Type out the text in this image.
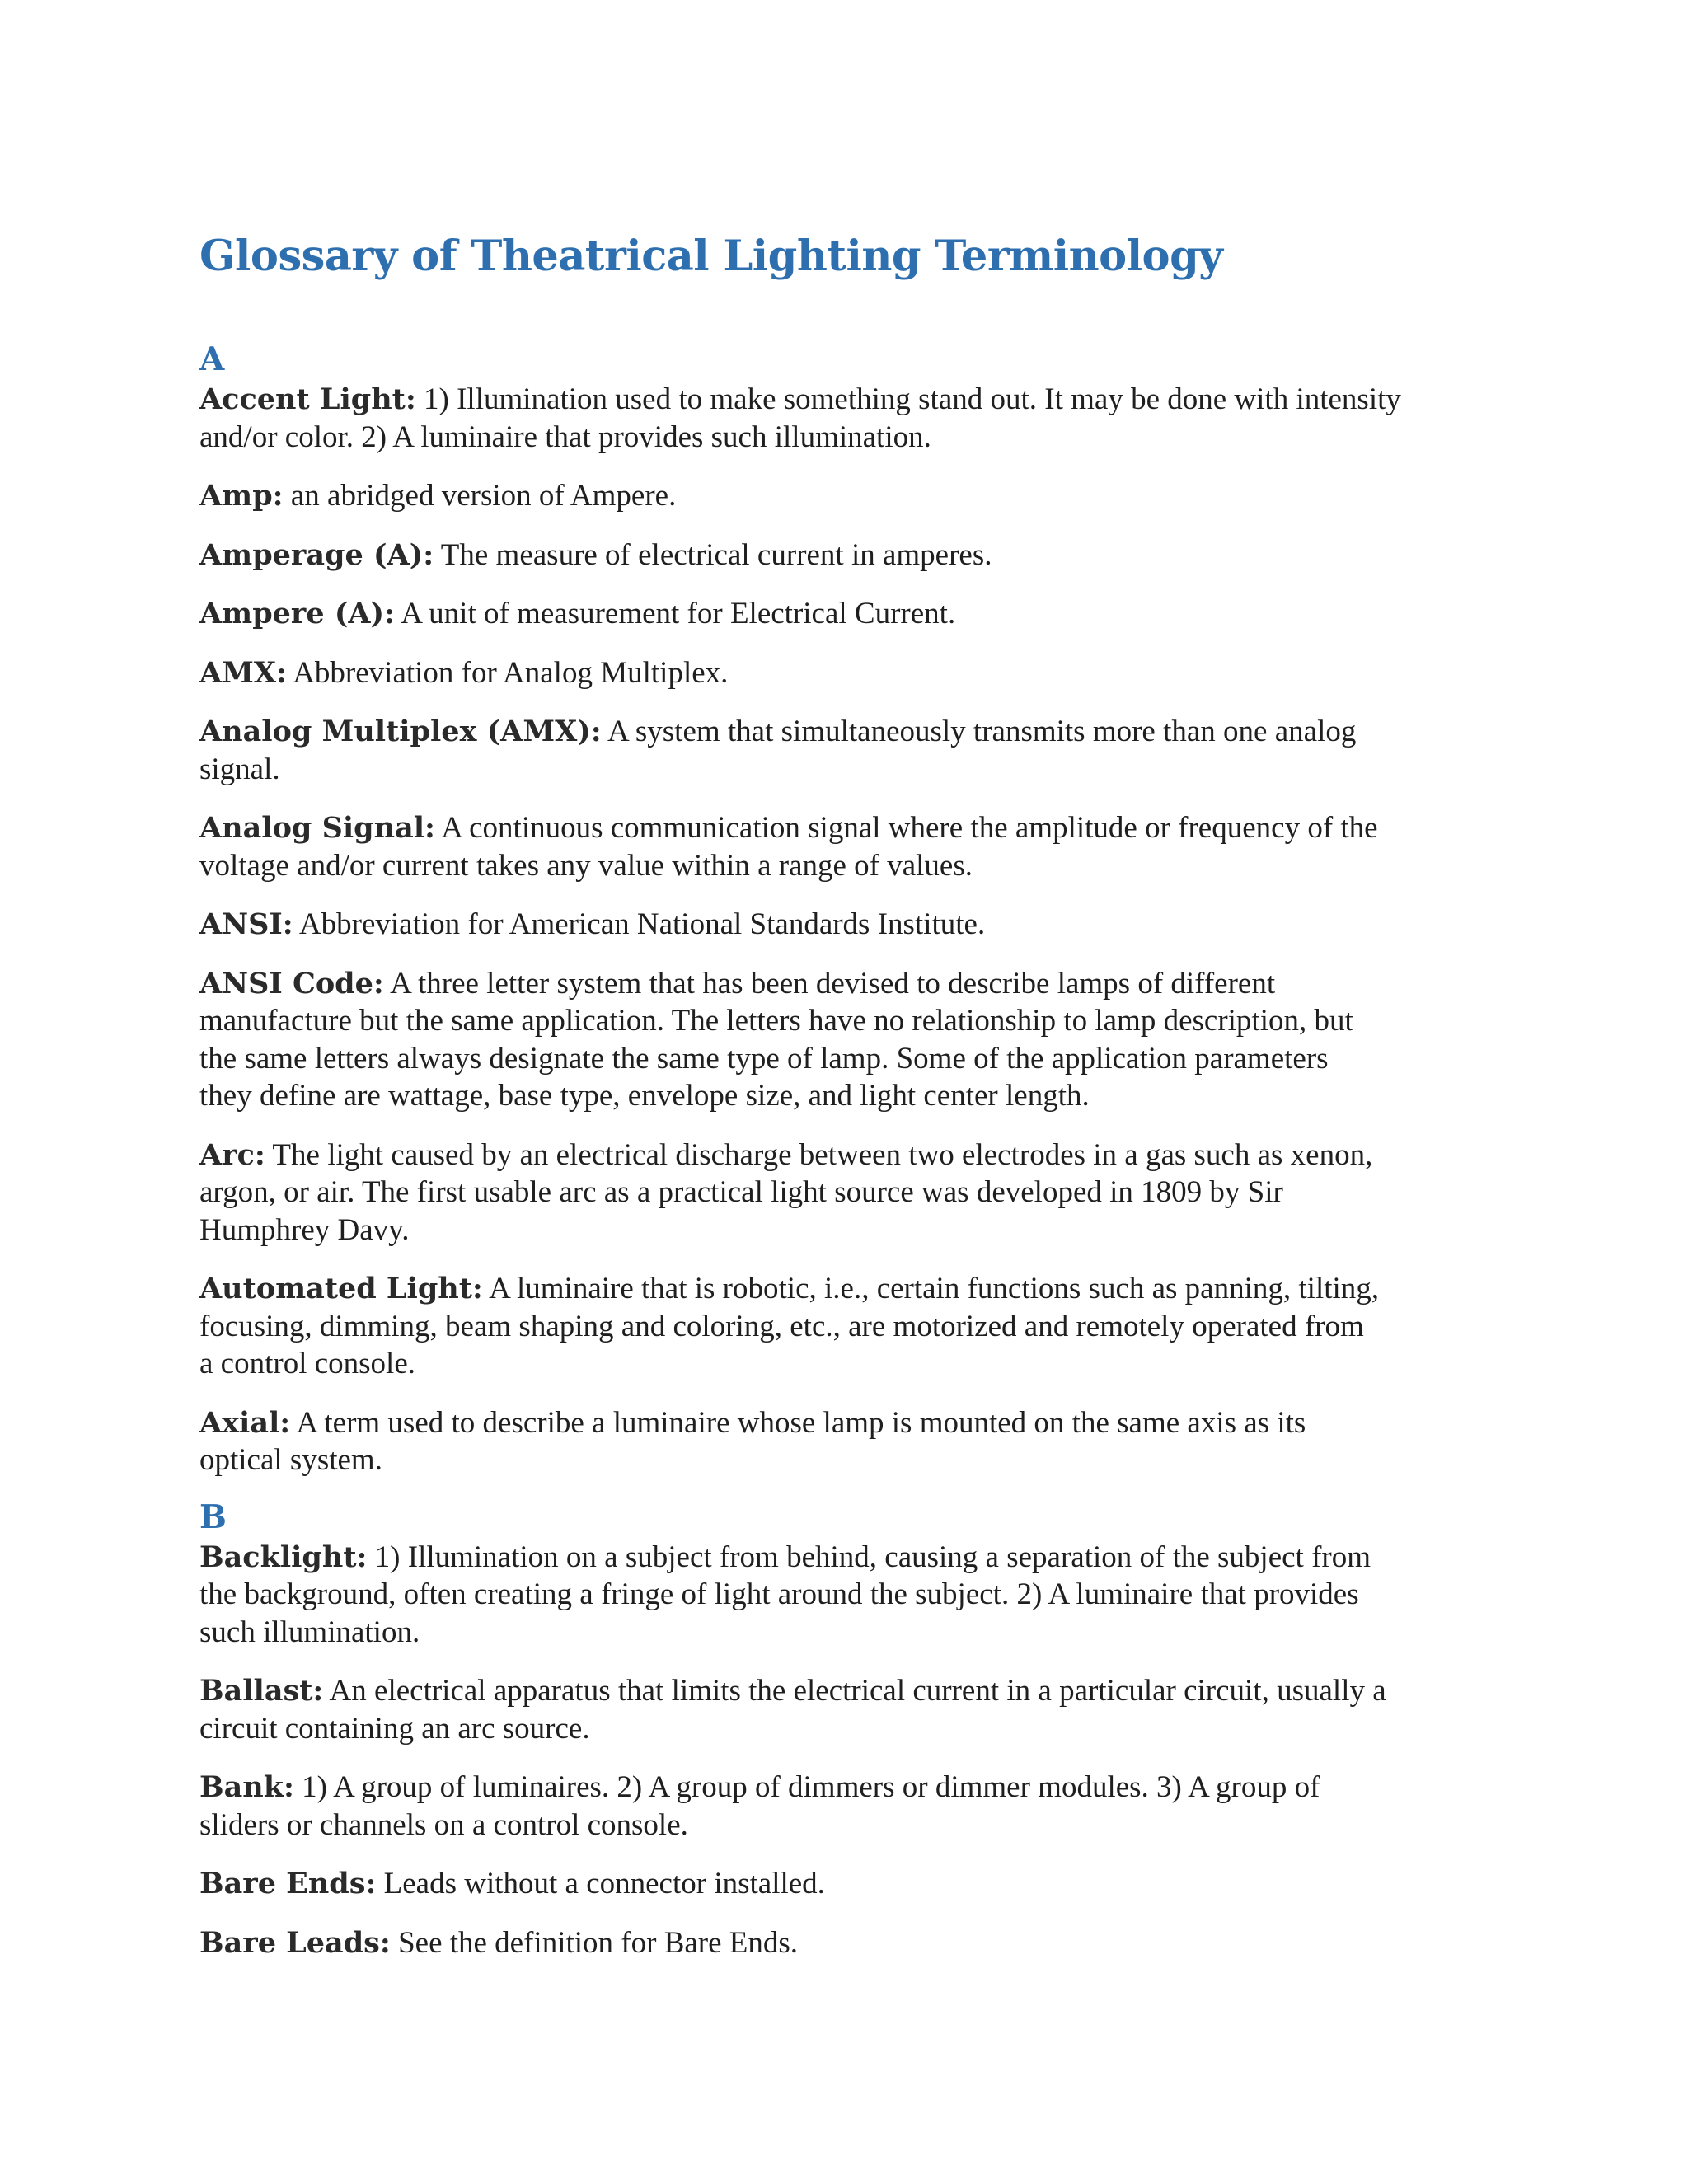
Glossary of Theatrical Lighting Terminology
A

Accent Light: 1) Illumination used to make something stand out. It may be done with intensity
and/or color. 2) A luminaire that provides such illumination.

Amp: an abridged version of Ampere.

Amperage (A): The measure of electrical current in amperes.

Ampere (A): A unit of measurement for Electrical Current.

AMX: Abbreviation for Analog Multiplex.

Analog Multiplex (AMX): A system that simultaneously transmits more than one analog
signal.

Analog Signal: A continuous communication signal where the amplitude or frequency of the
voltage and/or current takes any value within a range of values.

ANSI: Abbreviation for American National Standards Institute.

ANSI Code: A three letter system that has been devised to describe lamps of different
manufacture but the same application. The letters have no relationship to lamp description, but
the same letters always designate the same type of lamp. Some of the application parameters
they define are wattage, base type, envelope size, and light center length.

Arc: The light caused by an electrical discharge between two electrodes in a gas such as xenon,
argon, or air. The first usable arc as a practical light source was developed in 1809 by Sir
Humphrey Davy.

Automated Light: A luminaire that is robotic, i.e., certain functions such as panning, tilting,
focusing, dimming, beam shaping and coloring, etc., are motorized and remotely operated from
a control console.

Axial: A term used to describe a luminaire whose lamp is mounted on the same axis as its
optical system.

B

Backlight: 1) Illumination on a subject from behind, causing a separation of the subject from
the background, often creating a fringe of light around the subject. 2) A luminaire that provides
such illumination.

Ballast: An electrical apparatus that limits the electrical current in a particular circuit, usually a
circuit containing an arc source.

Bank: 1) A group of luminaires. 2) A group of dimmers or dimmer modules. 3) A group of
sliders or channels on a control console.

Bare Ends: Leads without a connector installed.

Bare Leads: See the definition for Bare Ends.
